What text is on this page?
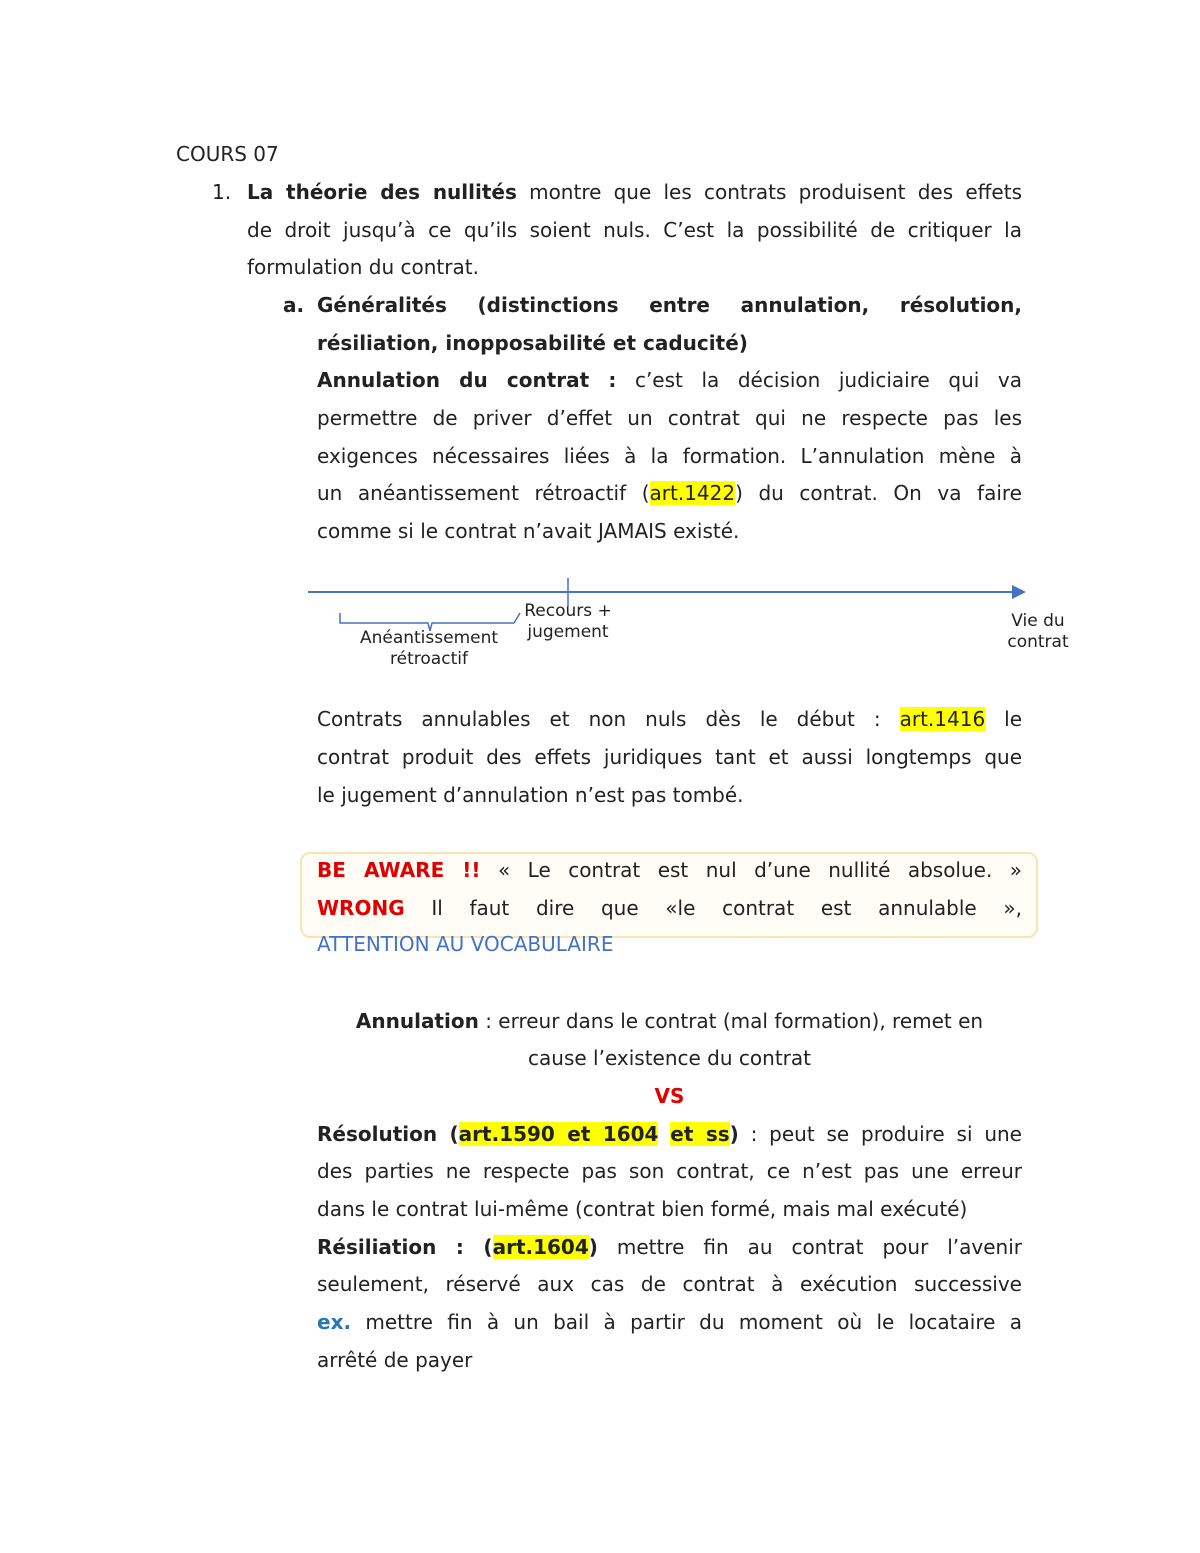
COURS 07
1. La théorie des nullités montre que les contrats produisent des effets
de droit jusqu’à ce qu’ils soient nuls. C’est la possibilité de critiquer la
formulation du contrat.
a. Généralités (distinctions entre annulation, résolution,
résiliation, inopposabilité et caducité)
Annulation du contrat : c’est la décision judiciaire qui va
permettre de priver d’effet un contrat qui ne respecte pas les
exigences nécessaires liées à la formation. L’annulation mène à
un anéantissement rétroactif (art.1422) du contrat. On va faire
comme si le contrat n’avait JAMAIS existé.
Recours +
jugement
Vie du
contrat
Anéantissement
rétroactif
Contrats annulables et non nuls dès le début : art.1416 le
contrat produit des effets juridiques tant et aussi longtemps que
le jugement d’annulation n’est pas tombé.
BE AWARE !! « Le contrat est nul d’une nullité absolue. »
WRONG Il faut dire que «le contrat est annulable »,
ATTENTION AU VOCABULAIRE
Annulation : erreur dans le contrat (mal formation), remet en
cause l’existence du contrat
VS
Résolution (art.1590 et 1604 et ss) : peut se produire si une
des parties ne respecte pas son contrat, ce n’est pas une erreur
dans le contrat lui-même (contrat bien formé, mais mal exécuté)
Résiliation : (art.1604) mettre fin au contrat pour l’avenir
seulement, réservé aux cas de contrat à exécution successive
ex. mettre fin à un bail à partir du moment où le locataire a
arrêté de payer
